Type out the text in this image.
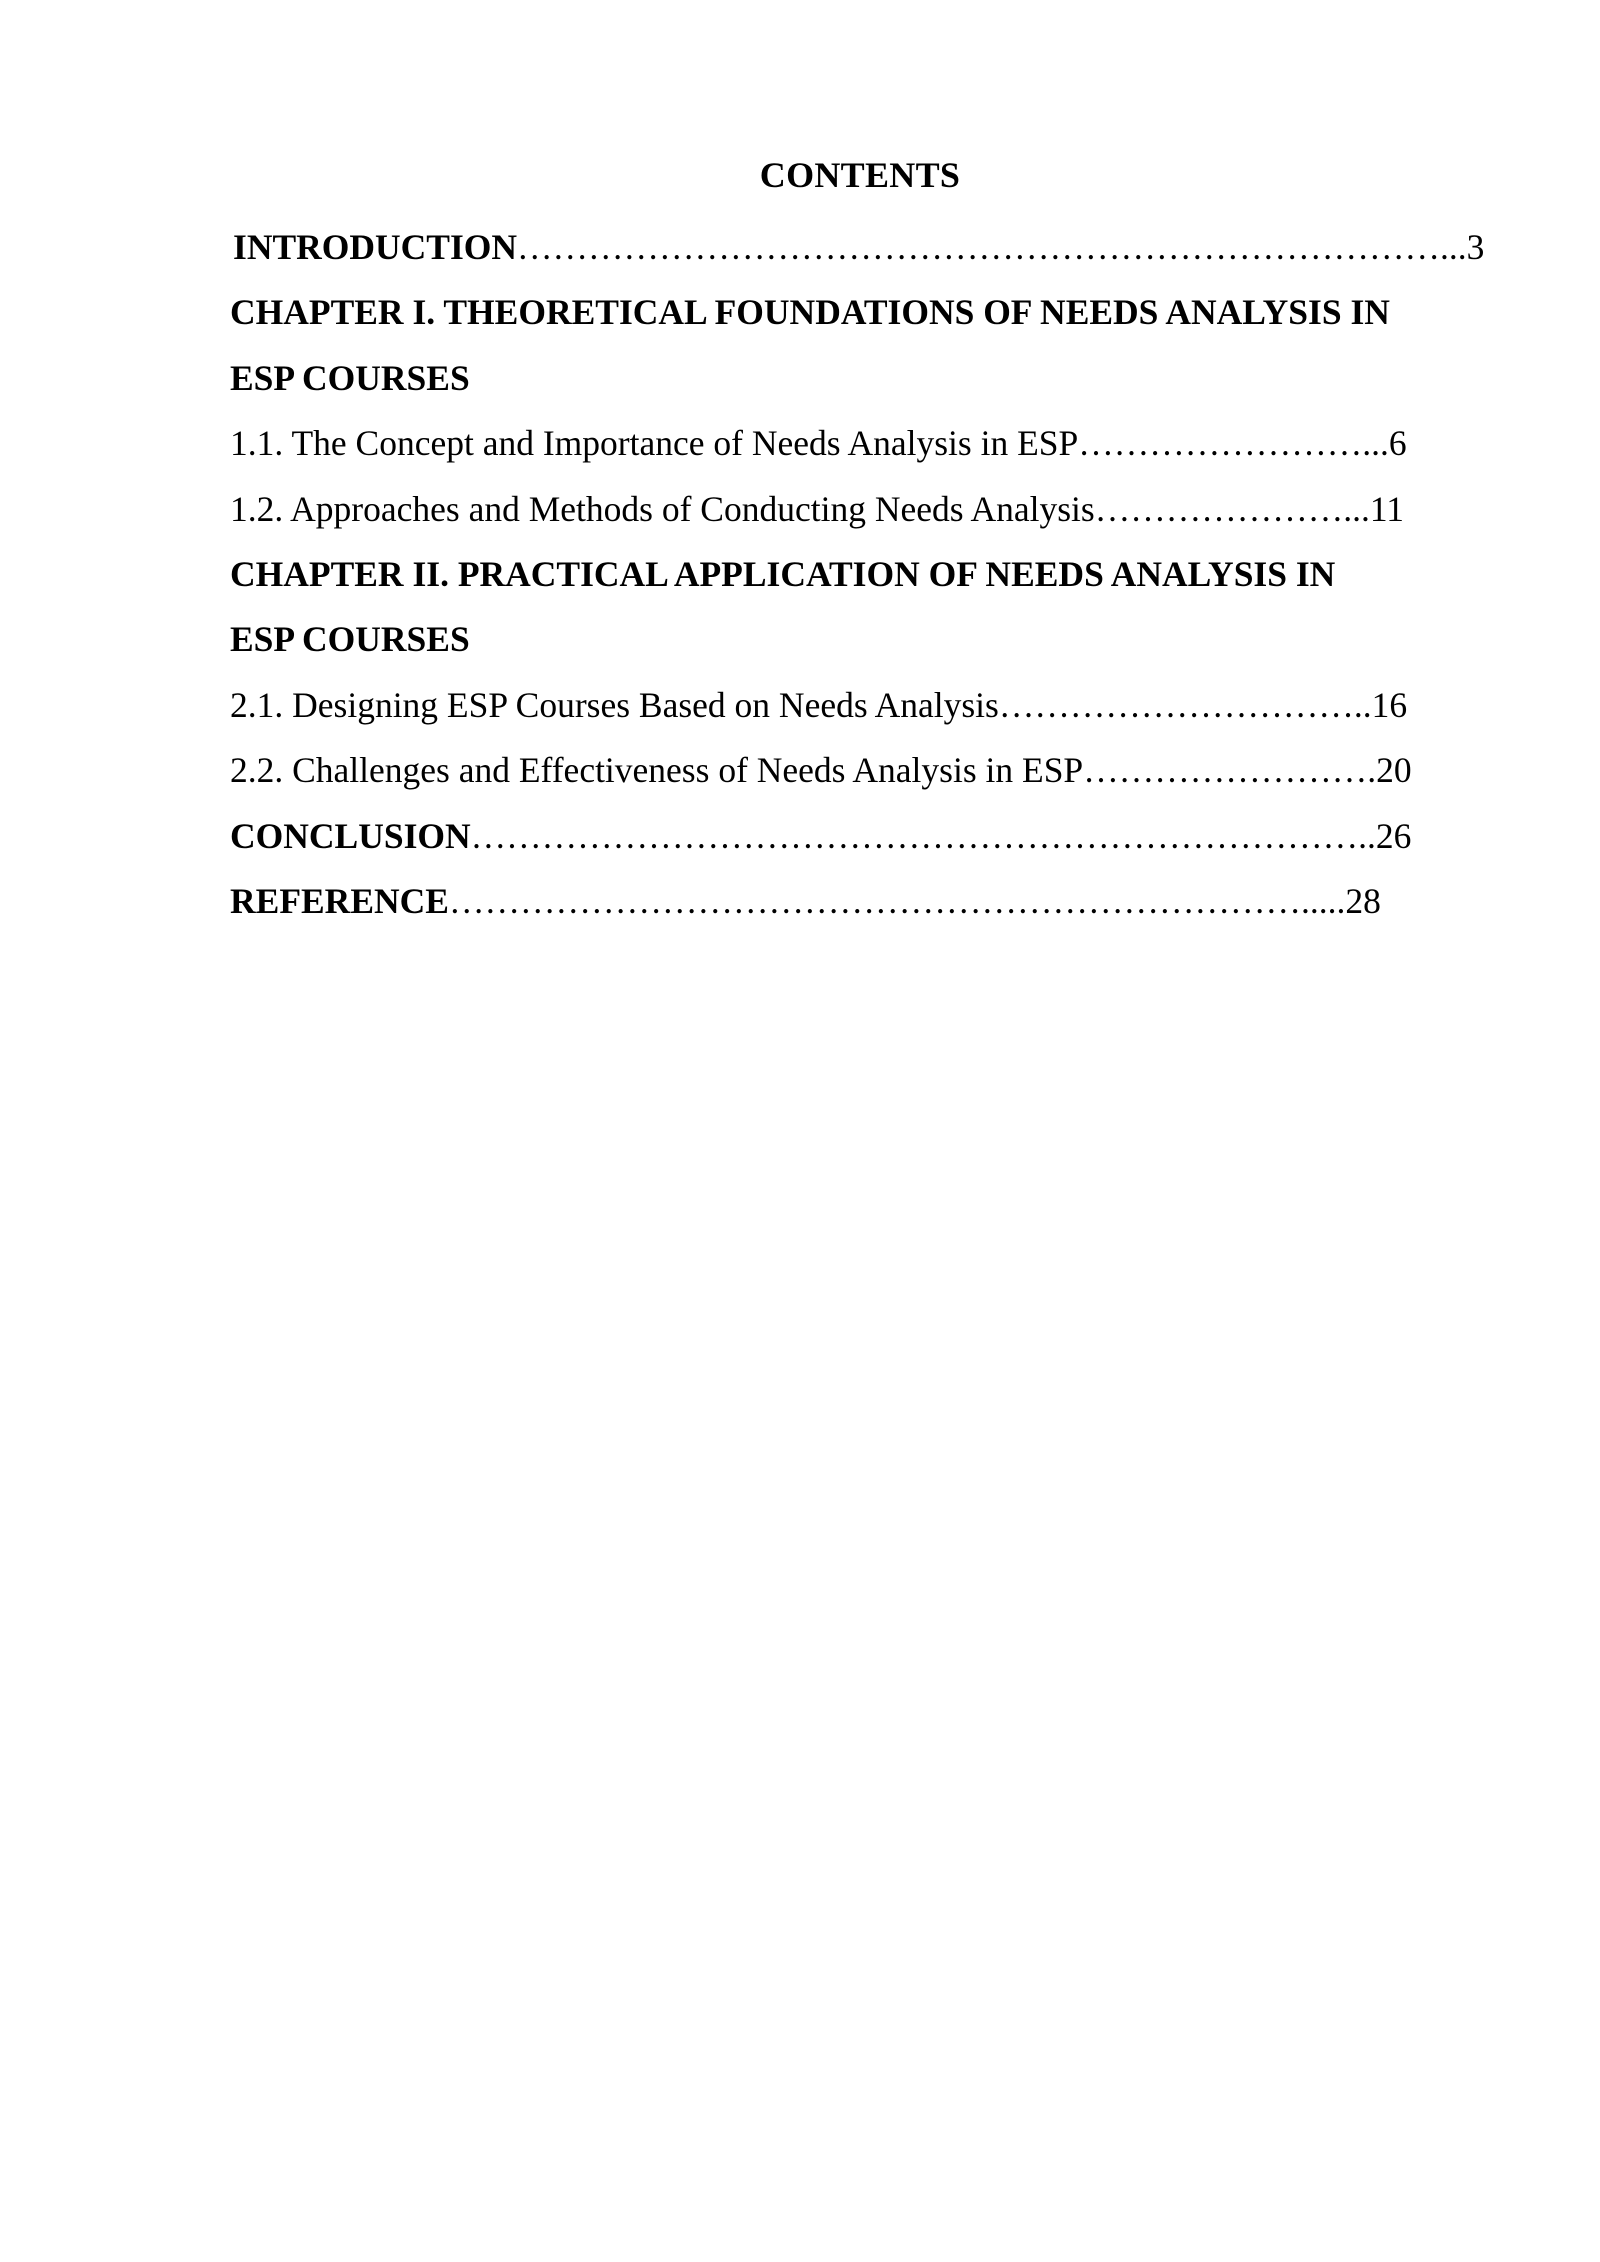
CONTENTS
INTRODUCTION……………………………………………………………………...3
CHAPTER I. THEORETICAL FOUNDATIONS OF NEEDS ANALYSIS IN
ESP COURSES
1.1. The Concept and Importance of Needs Analysis in ESP……………………...6
1.2. Approaches and Methods of Conducting Needs Analysis…………………...11
CHAPTER II. PRACTICAL APPLICATION OF NEEDS ANALYSIS IN
ESP COURSES
2.1. Designing ESP Courses Based on Needs Analysis…………………………..16
2.2. Challenges and Effectiveness of Needs Analysis in ESP…………………….20
CONCLUSION…………………………………………………………………..26
REFERENCE……………………………………………………………….....28
